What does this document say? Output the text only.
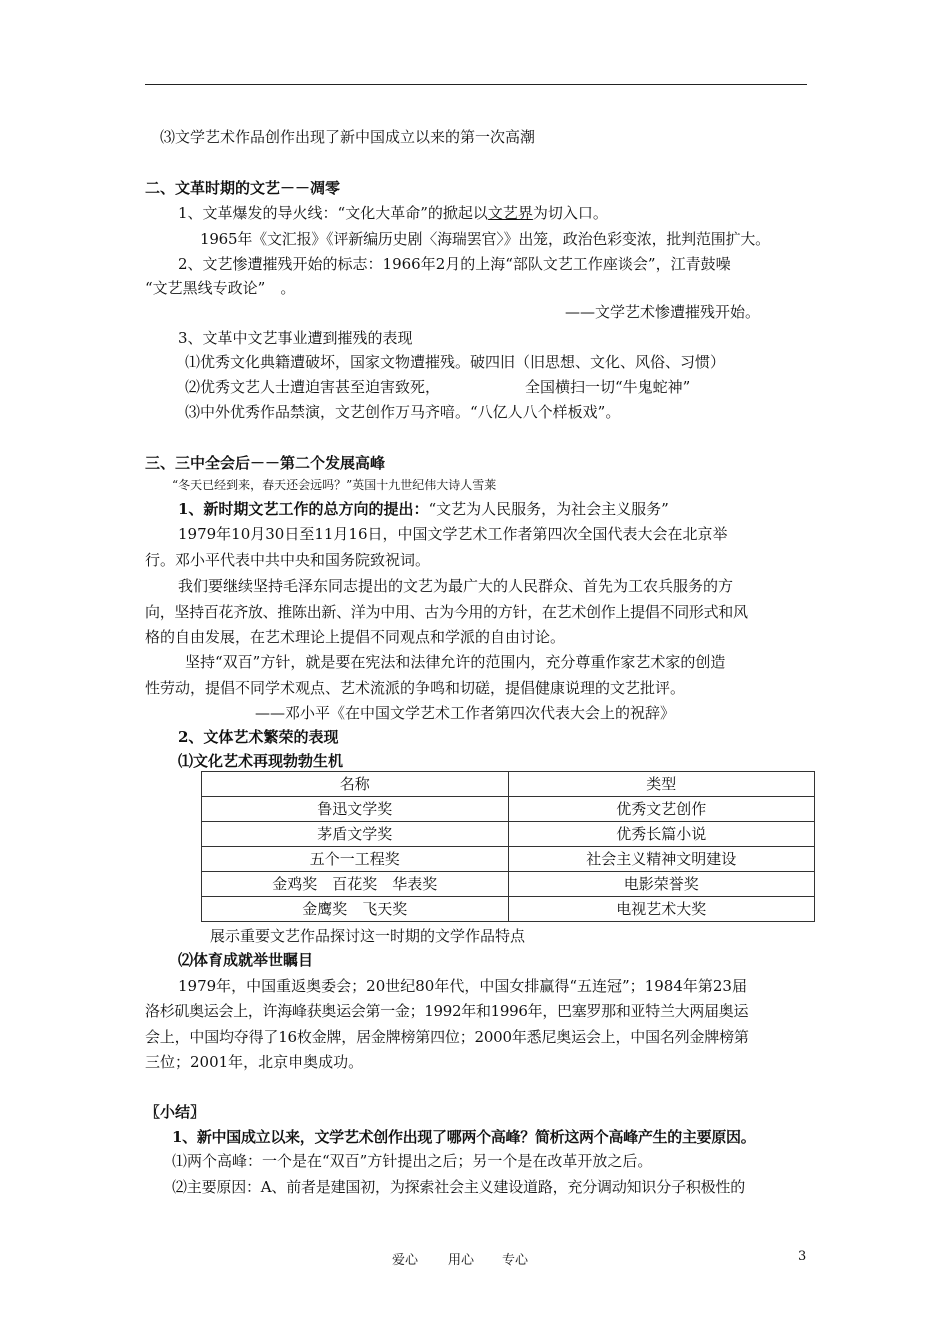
⑶文学艺术作品创作出现了新中国成立以来的第一次高潮
二、文革时期的文艺－－凋零
1、文革爆发的导火线：“文化大革命”的掀起以文艺界为切入口。
1965年《文汇报》《评新编历史剧〈海瑞罢官〉》出笼，政治色彩变浓，批判范围扩大。
2、文艺惨遭摧残开始的标志：1966年2月的上海“部队文艺工作座谈会”，江青鼓噪
“文艺黑线专政论”　。
——文学艺术惨遭摧残开始。
3、文革中文艺事业遭到摧残的表现
⑴优秀文化典籍遭破坏，国家文物遭摧残。破四旧（旧思想、文化、风俗、习惯）
⑵优秀文艺人士遭迫害甚至迫害致死，	全国横扫一切“牛鬼蛇神”
⑶中外优秀作品禁演，文艺创作万马齐喑。“八亿人八个样板戏”。
三、三中全会后－－第二个发展高峰
“冬天已经到来，春天还会远吗？”英国十九世纪伟大诗人雪莱
1、新时期文艺工作的总方向的提出：“文艺为人民服务，为社会主义服务”
1979年10月30日至11月16日，中国文学艺术工作者第四次全国代表大会在北京举
行。邓小平代表中共中央和国务院致祝词。
我们要继续坚持毛泽东同志提出的文艺为最广大的人民群众、首先为工农兵服务的方
向，坚持百花齐放、推陈出新、洋为中用、古为今用的方针，在艺术创作上提倡不同形式和风
格的自由发展，在艺术理论上提倡不同观点和学派的自由讨论。
坚持“双百”方针，就是要在宪法和法律允许的范围内，充分尊重作家艺术家的创造
性劳动，提倡不同学术观点、艺术流派的争鸣和切磋，提倡健康说理的文艺批评。
——邓小平《在中国文学艺术工作者第四次代表大会上的祝辞》
2、文体艺术繁荣的表现
⑴文化艺术再现勃勃生机
名称	类型
鲁迅文学奖	优秀文艺创作
茅盾文学奖	优秀长篇小说
五个一工程奖	社会主义精神文明建设
金鸡奖　百花奖　华表奖	电影荣誉奖
金鹰奖　飞天奖	电视艺术大奖
展示重要文艺作品探讨这一时期的文学作品特点
⑵体育成就举世瞩目
1979年，中国重返奥委会；20世纪80年代，中国女排赢得“五连冠”；1984年第23届
洛杉矶奥运会上，许海峰获奥运会第一金；1992年和1996年，巴塞罗那和亚特兰大两届奥运
会上，中国均夺得了16枚金牌，居金牌榜第四位；2000年悉尼奥运会上，中国名列金牌榜第
三位；2001年，北京申奥成功。
〖小结〗
1、新中国成立以来，文学艺术创作出现了哪两个高峰？简析这两个高峰产生的主要原因。
⑴两个高峰：一个是在“双百”方针提出之后；另一个是在改革开放之后。
⑵主要原因：A、前者是建国初，为探索社会主义建设道路，充分调动知识分子积极性的
爱心 用心 专心	3
